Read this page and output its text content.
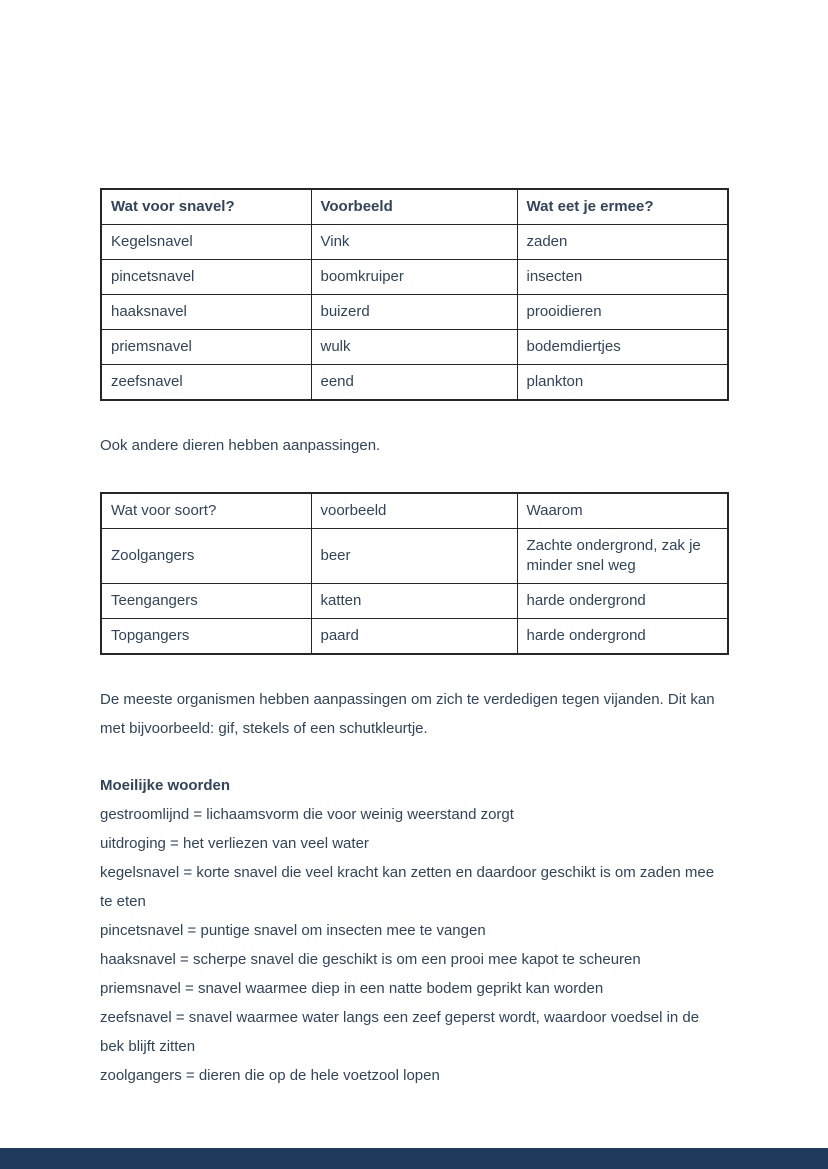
Wat voor snavel?	Voorbeeld	Wat eet je ermee?
Kegelsnavel	Vink	zaden
pincetsnavel	boomkruiper	insecten
haaksnavel	buizerd	prooidieren
priemsnavel	wulk	bodemdiertjes
zeefsnavel	eend	plankton

Ook andere dieren hebben aanpassingen.

Wat voor soort?	voorbeeld	Waarom
Zoolgangers	beer	Zachte ondergrond, zak je minder snel weg
Teengangers	katten	harde ondergrond
Topgangers	paard	harde ondergrond

De meeste organismen hebben aanpassingen om zich te verdedigen tegen vijanden. Dit kan met bijvoorbeeld: gif, stekels of een schutkleurtje.

Moeilijke woorden

gestroomlijnd = lichaamsvorm die voor weinig weerstand zorgt

uitdroging = het verliezen van veel water

kegelsnavel = korte snavel die veel kracht kan zetten en daardoor geschikt is om zaden mee te eten

pincetsnavel = puntige snavel om insecten mee te vangen

haaksnavel = scherpe snavel die geschikt is om een prooi mee kapot te scheuren

priemsnavel = snavel waarmee diep in een natte bodem geprikt kan worden

zeefsnavel = snavel waarmee water langs een zeef geperst wordt, waardoor voedsel in de bek blijft zitten

zoolgangers = dieren die op de hele voetzool lopen
